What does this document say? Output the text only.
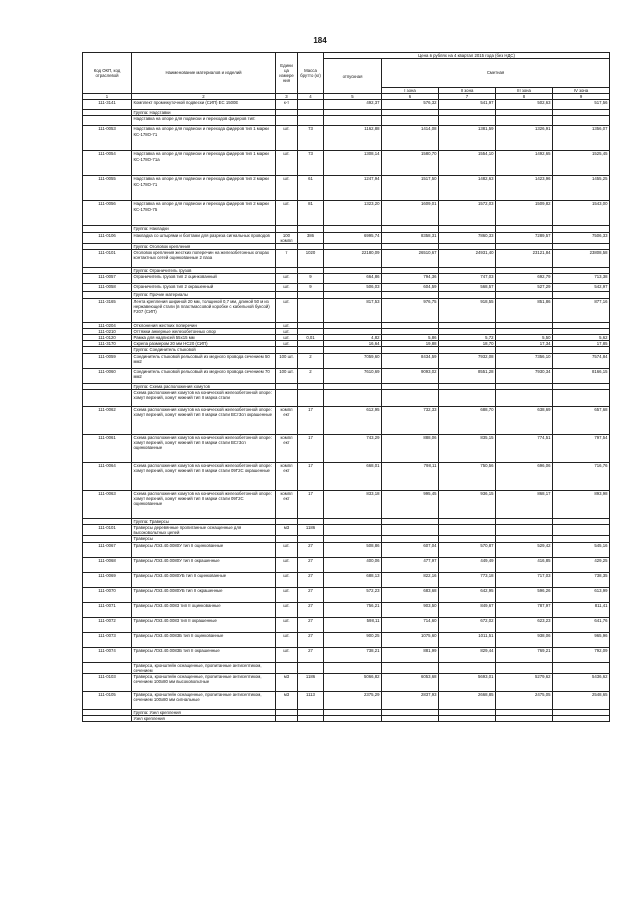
184
Код ОКП, код отраслевой	Наименование материалов и изделий	Едини ца измере ния	Масса брутто (кг)	Цена в рублях на 4 квартал 2015 года (без НДС)				
				отпускная	Сметная			
					I зона	II зона	III зона	IV зона
1	2	3	4	5	6	7	8	9
111-3141	Комплект промежуточной подвески (СИП) ЕС 1500Е	к-т		492,37	576,32	541,97	502,63	517,56
	Группа: Надставки							
	Надставка на опоре для подвески и переходов фидеров тип:							
111-0053	Надставка на опоре для подвески и перехода фидеров тип 1 марки КС-178О-71	шт.	73	1162,88	1414,08	1381,59	1326,91	1356,07
111-0054	Надставка на опоре для подвески и перехода фидеров тип 1 марки КС-178О-71а	шт.	73	1308,14	1580,70	1554,10	1492,65	1525,45
111-0055	Надставка на опоре для подвески и перехода фидеров тип 2 марки КС-178О-71	шт.	61	1247,94	1517,50	1482,63	1423,96	1455,25
111-0056	Надставка на опоре для подвески и перехода фидеров тип 2 марки КС-178О-75	шт.	81	1323,20	1609,01	1572,03	1509,82	1543,00
	Группа: Накладки							
111-0106	Накладка со штырями и болтами для разреза сигнальных проводов	100 компл	386	6995,74	8358,31	7860,33	7289,57	7506,33
	Группа: Оголовок крепления							
111-0101	Оголовок крепления жестких поперечин на железобетонных опорах контактных сетей оцинкованные 2 паза	т	1020	22180,09	26510,67	24931,40	23121,84	23808,58
	Группа: Ограничитель грузов							
111-0057	Ограничитель грузов тип 2 оцинкованный	шт.	9	664,86	794,36	747,03	692,79	713,38
111-0058	Ограничитель грузов тип 2 окрашенный	шт.	9	506,03	604,59	568,57	527,29	542,97
	Группа: Прочие материалы							
111-3165	Лента крепления шириной 20 мм, толщиной 0,7 мм, длиной 50 м из нержавеющей стали (в пластмассовой коробке с кабельной буксой) F207 (СИП)	шт.		817,53	976,75	918,55	851,86	877,16
111-0204	Отклонения жестких поперечин	шт.						
111-0210	Оттяжки анкерные железобетонных опор	шт.						
111-0120	Рамка для надписей 55х15 мм	шт.	0,01	4,82	5,86	5,72	5,50	5,62
111-3170	Скрепа размером 20 мм НС20 (СИП)	шт.		16,64	19,88	18,70	17,34	17,85
	Группа: Соединитель стыковой							
111-0059	Соединитель стыковой рельсовый из медного провода сечением 50 мм2	100 шт.	2	7059,60	8434,59	7932,08	7356,10	7574,84
111-0060	Соединитель стыковой рельсовый из медного провода сечением 70 мм2	100 шт.	2	7610,69	9093,02	8551,28	7930,34	8166,15
	Группа: Схема расположения хомутов							
	Схема расположения хомутов на конической железобетонной опоре: хомут верхний, хомут нижний тип II марка стали							
111-0062	Схема расположения хомутов на конической железобетонной опоре: хомут верхний, хомут нижний тип II марки стали ВСт3сп окрашенные	компл ект	17	612,95	732,33	688,70	638,69	657,68
111-0061	Схема расположения хомутов на конической железобетонной опоре: хомут верхний, хомут нижний тип II марки стали ВСт3сп оцинкованные	компл ект	17	743,29	888,06	835,15	774,51	797,54
111-0064	Схема расположения хомутов на конической железобетонной опоре: хомут верхний, хомут нижний тип II марки стали 09Г2С окрашенные	компл ект	17	668,01	798,11	750,56	696,06	716,76
111-0063	Схема расположения хомутов на конической железобетонной опоре: хомут верхний, хомут нижний тип II марки стали 09Г2С оцинкованные	компл ект	17	833,18	995,45	936,15	868,17	893,98
	Группа: Траверсы							
111-0101	Траверсы деревянные пропитанные оснащенные для высоковольтных цепей	м3	1186					
	Траверсы							
111-0067	Траверсы ЛЭ3.40.0080У тип II оцинкованные	шт.	27	508,86	607,04	570,87	529,42	545,16
111-0068	Траверсы ЛЭ3.40.0080У тип II окрашенные	шт.	27	400,06	477,97	449,49	416,85	429,25
111-0069	Траверсы ЛЭ3.40.0080УБ тип II оцинкованные	шт.	27	688,13	822,16	773,18	717,03	738,35
111-0070	Траверсы ЛЭ3.40.0080УБ тип II окрашенные	шт.	27	572,23	683,68	642,95	596,26	613,99
111-0071	Траверсы ЛЭ3.40.0083 тип II оцинкованные	шт.	27	756,21	903,50	849,67	787,97	811,41
111-0072	Траверсы ЛЭ3.40.0083 тип II окрашенные	шт.	27	598,11	714,60	672,02	623,23	641,76
111-0073	Траверсы ЛЭ3.40.0083Б тип II оцинкованные	шт.	27	900,25	1075,60	1011,51	938,06	965,96
111-0074	Траверсы ЛЭ3.40.0083Б тип II окрашенные	шт.	27	738,21	881,99	829,44	769,21	792,09
	Траверса, кронштейн оснащенные, пропитанные антисептиком, сечением							
111-0103	Траверса, кронштейн оснащенные, пропитанные антисептиком, сечением 100х80 мм высоковольтные	м3	1186	5066,82	6053,68	5693,01	5279,62	5436,62
111-0105	Траверса, кронштейн оснащенные, пропитанные антисептиком, сечением 100х80 мм сигнальные	м3	1113	2375,29	2837,93	2668,85	2475,05	2548,65
	Группа: Узел крепления							
	Узел крепления							
